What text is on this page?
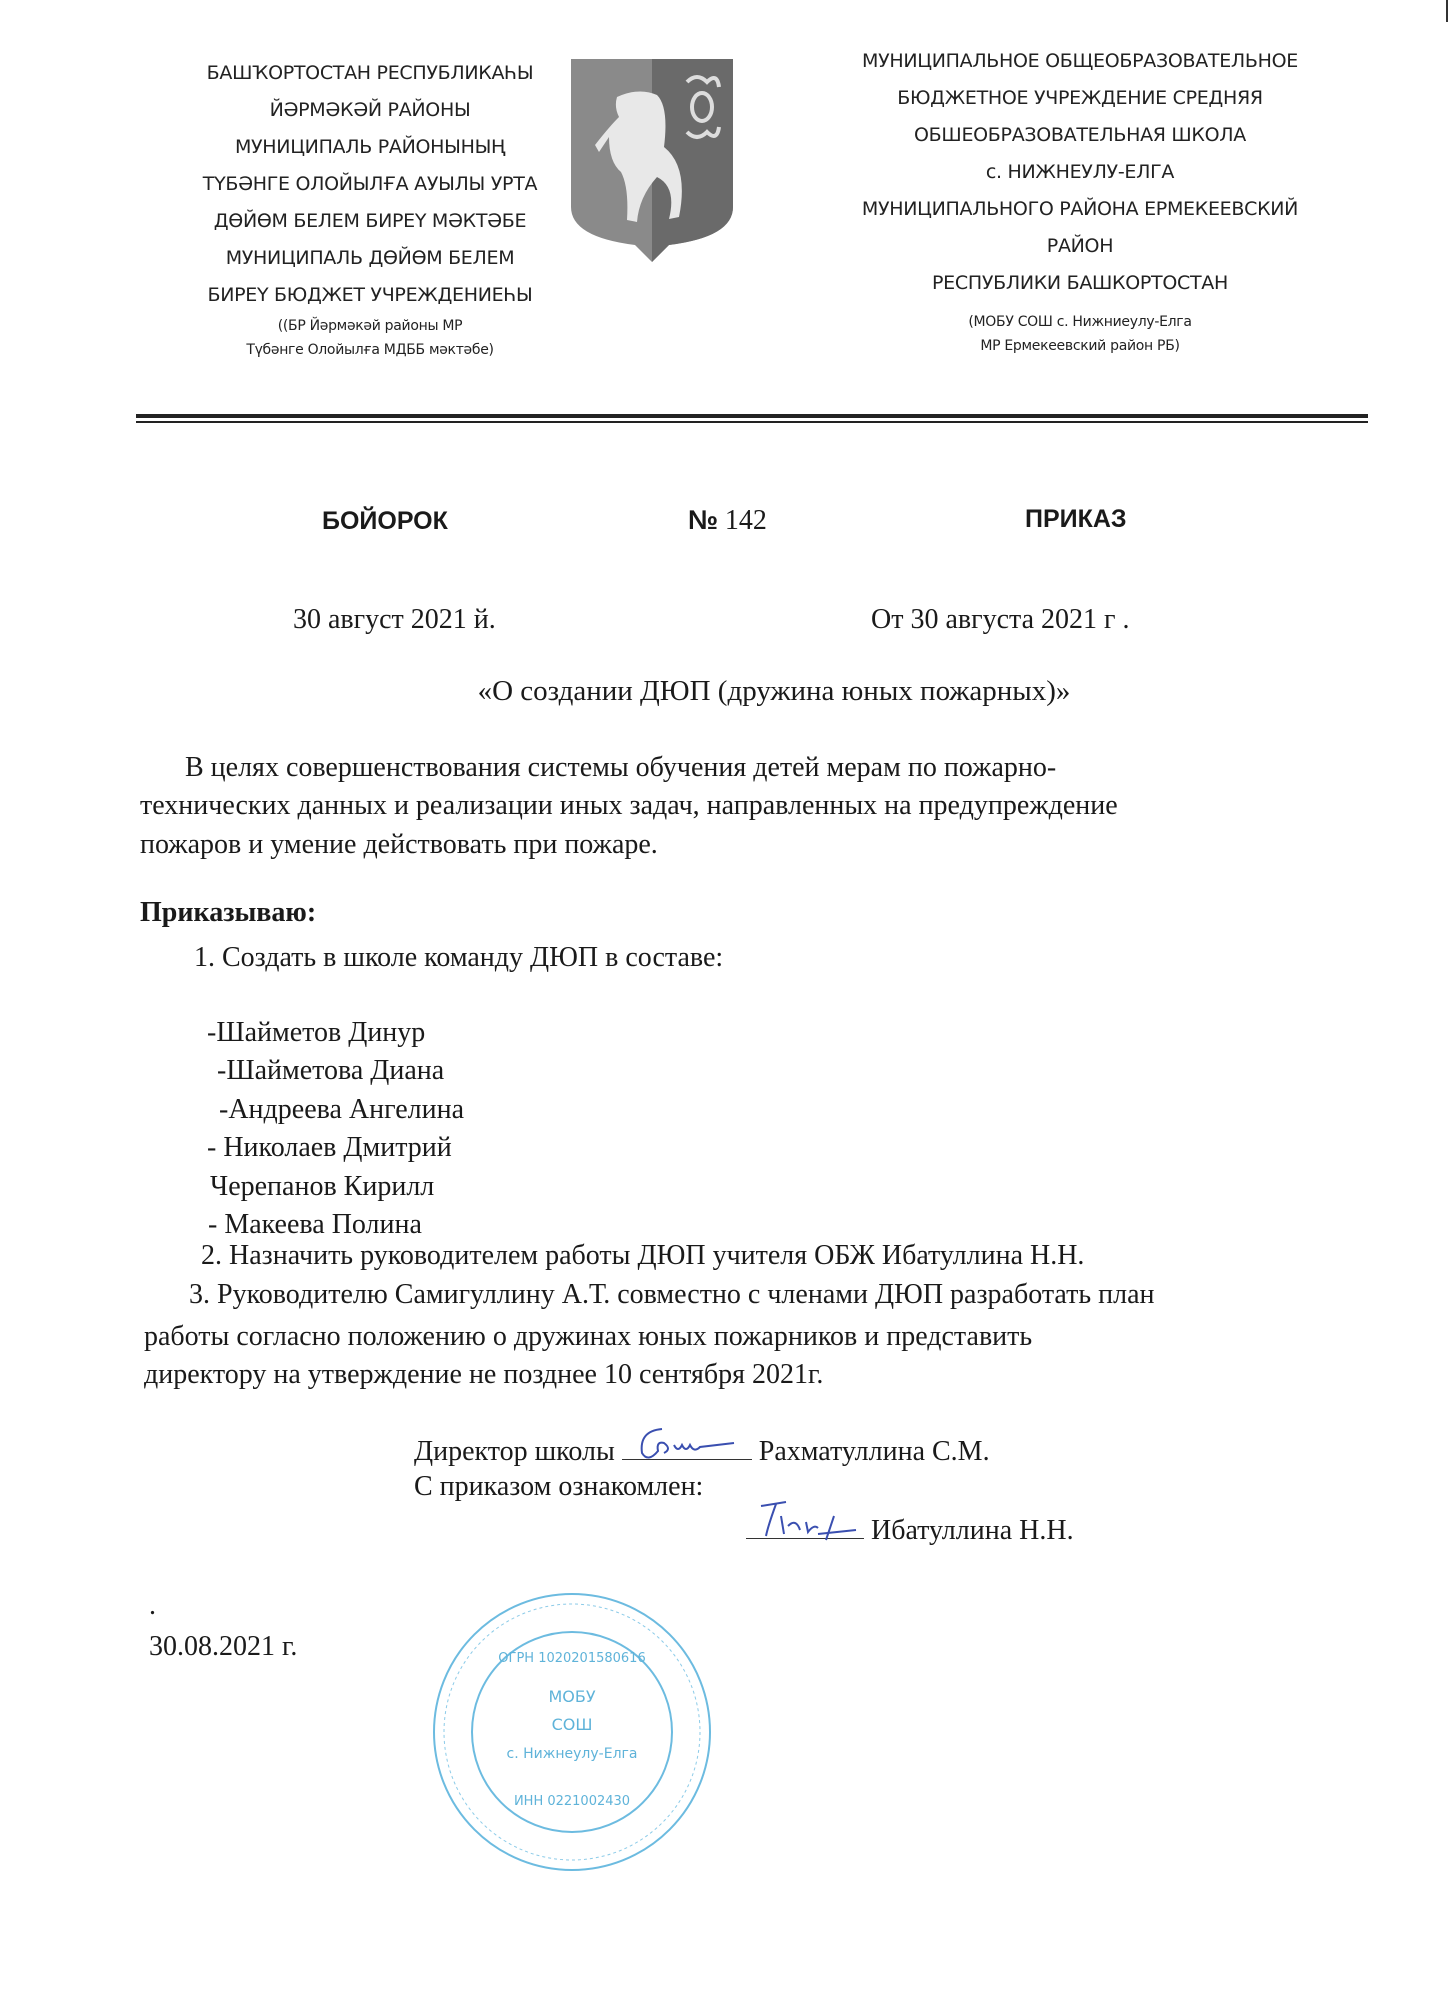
БАШҠОРТОСТАН РЕСПУБЛИКАҺЫ
ЙӘРМӘКӘЙ РАЙОНЫ
МУНИЦИПАЛЬ РАЙОНЫНЫҢ
ТҮБӘНГЕ ОЛОЙЫЛҒА АУЫЛЫ УРТА
ДӨЙӨМ БЕЛЕМ БИРЕҮ МӘКТӘБЕ
МУНИЦИПАЛЬ ДӨЙӨМ БЕЛЕМ
БИРЕҮ БЮДЖЕТ УЧРЕЖДЕНИЕҺЫ
((БР Йәрмәкәй районы МР
Түбәнге Олойылға МДББ мәктәбе)
МУНИЦИПАЛЬНОЕ ОБЩЕОБРАЗОВАТЕЛЬНОЕ
БЮДЖЕТНОЕ УЧРЕЖДЕНИЕ СРЕДНЯЯ
ОБШЕОБРАЗОВАТЕЛЬНАЯ ШКОЛА
с. НИЖНЕУЛУ-ЕЛГА
МУНИЦИПАЛЬНОГО РАЙОНА ЕРМЕКЕЕВСКИЙ
РАЙОН
РЕСПУБЛИКИ БАШКОРТОСТАН
(МОБУ СОШ с. Нижниеулу-Елга
МР Ермекеевский район РБ)
БОЙОРОК	№ 142	ПРИКАЗ
30 август 2021 й.	От 30 августа 2021 г .
«О создании ДЮП (дружина юных пожарных)»
В целях совершенствования системы обучения детей мерам по пожарно-
технических данных и реализации иных задач, направленных на предупреждение
пожаров и умение действовать при пожаре.
Приказываю:
1. Создать в школе команду ДЮП в составе:
-Шайметов Динур
-Шайметова Диана
-Андреева Ангелина
- Николаев Дмитрий
Черепанов Кирилл
- Макеева Полина
2. Назначить руководителем работы ДЮП учителя ОБЖ Ибатуллина Н.Н.
3. Руководителю Самигуллину А.Т. совместно с членами ДЮП разработать план
работы согласно положению о дружинах юных пожарников и представить
директору на утверждение не позднее 10 сентября 2021г.
ОГРН 1020201580616
МОБУ
СОШ
с. Нижнеулу-Елга
ИНН 0221002430
Директор школы	Рахматуллина С.М.
С приказом ознакомлен:
Ибатуллина Н.Н.
.
30.08.2021 г.
